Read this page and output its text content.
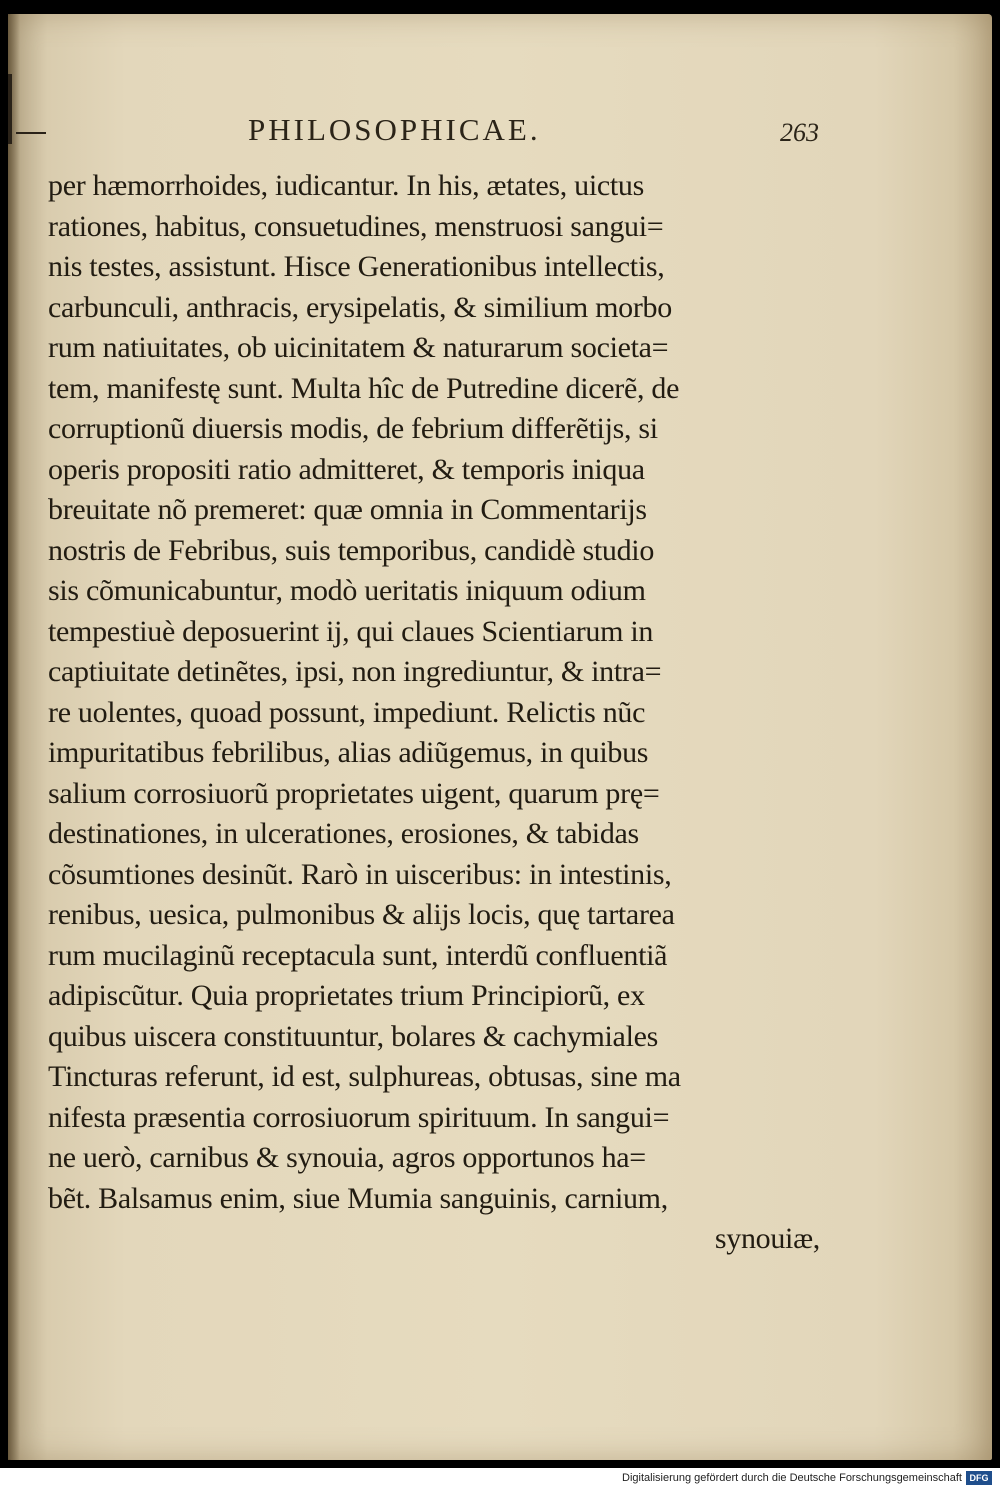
PHILOSOPHICAE.	263
per hæmorrhoides, iudicantur. In his, ætates, uictus
rationes, habitus, consuetudines, menstruosi sangui=
nis testes, assistunt. Hisce Generationibus intellectis,
carbunculi, anthracis, erysipelatis, & similium morbo
rum natiuitates, ob uicinitatem & naturarum societa=
tem, manifestę sunt. Multa hîc de Putredine dicerẽ, de
corruptionũ diuersis modis, de febrium differẽtijs, si
operis propositi ratio admitteret, & temporis iniqua
breuitate nõ premeret: quæ omnia in Commentarijs
nostris de Febribus, suis temporibus, candidè studio
sis cõmunicabuntur, modò ueritatis iniquum odium
tempestiuè deposuerint ij, qui claues Scientiarum in
captiuitate detinẽtes, ipsi, non ingrediuntur, & intra=
re uolentes, quoad possunt, impediunt. Relictis nũc
impuritatibus febrilibus, alias adiũgemus, in quibus
salium corrosiuorũ proprietates uigent, quarum prę=
destinationes, in ulcerationes, erosiones, & tabidas
cõsumtiones desinũt. Rarò in uisceribus: in intestinis,
renibus, uesica, pulmonibus & alijs locis, quę tartarea
rum mucilaginũ receptacula sunt, interdũ confluentiã
adipiscũtur. Quia proprietates trium Principiorũ, ex
quibus uiscera constituuntur, bolares & cachymiales
Tincturas referunt, id est, sulphureas, obtusas, sine ma
nifesta præsentia corrosiuorum spirituum. In sangui=
ne uerò, carnibus & synouia, agros opportunos ha=
bẽt. Balsamus enim, siue Mumia sanguinis, carnium,
synouiæ,
Digitalisierung gefördert durch die Deutsche Forschungsgemeinschaft DFG
